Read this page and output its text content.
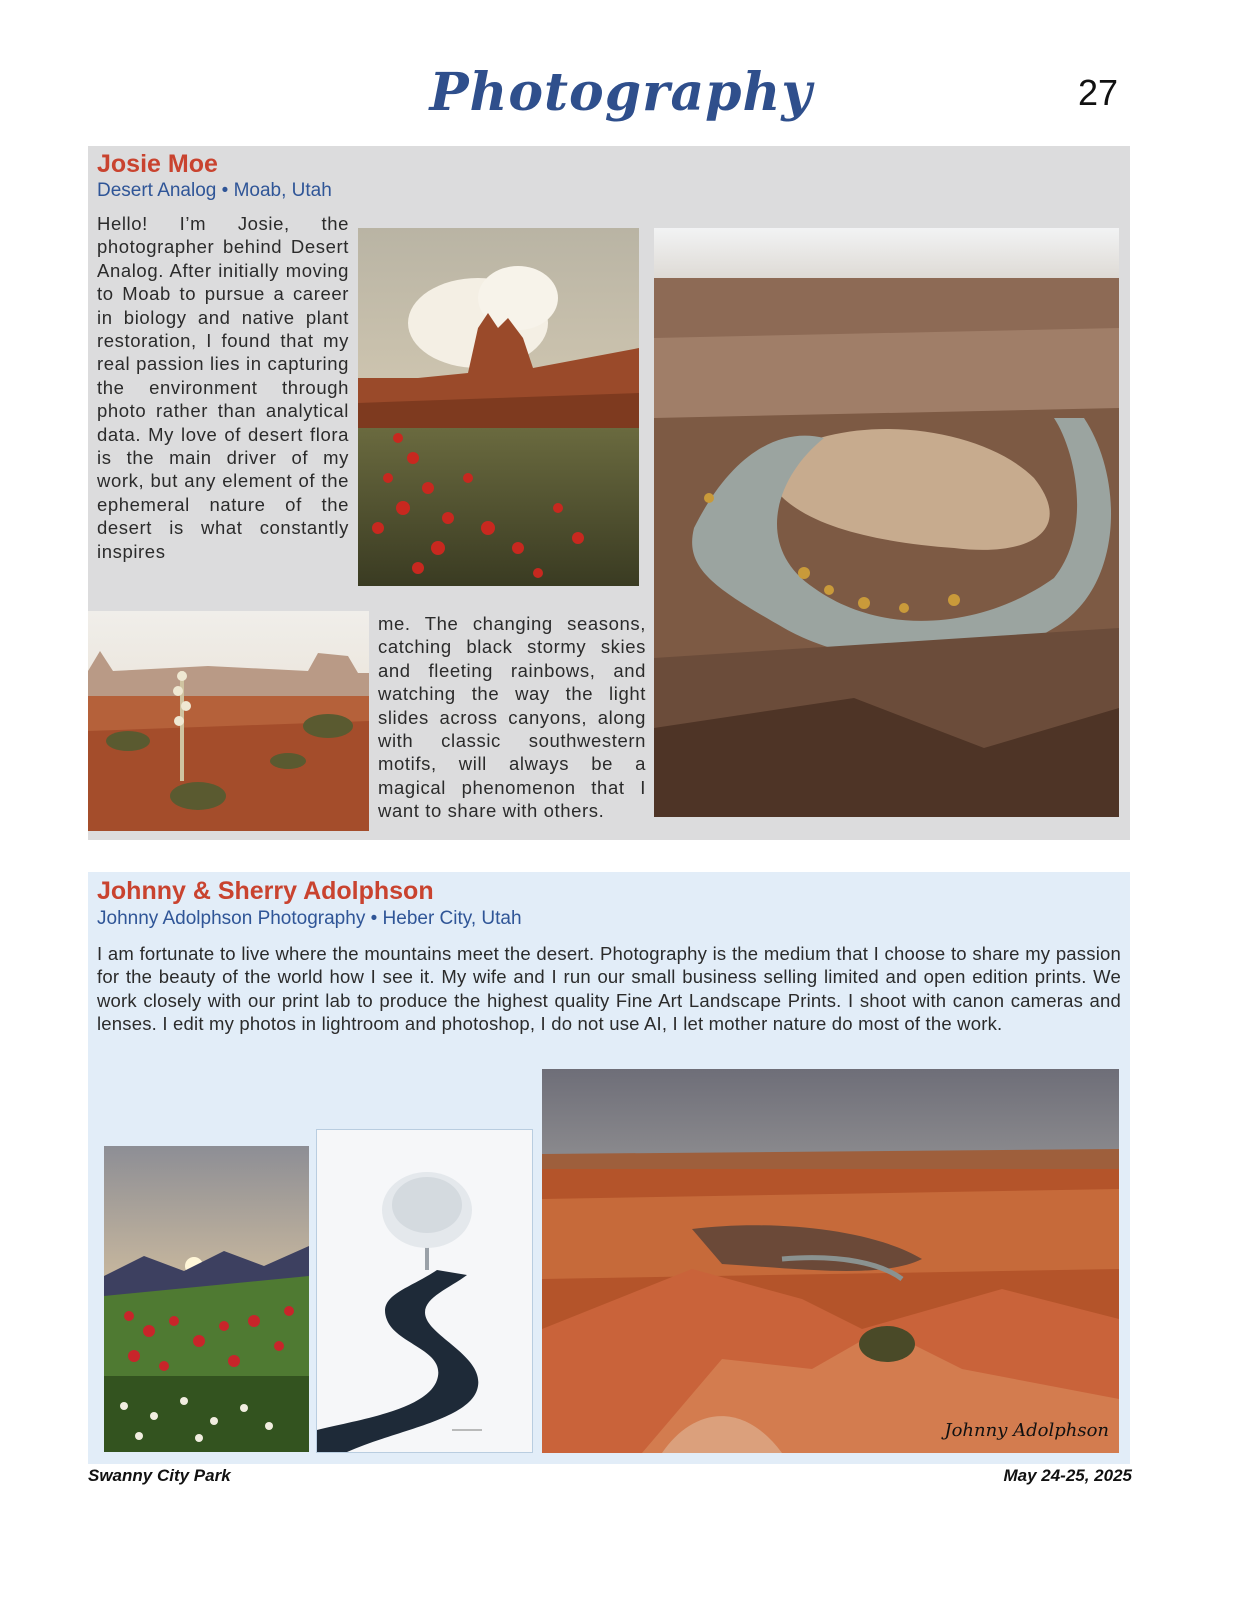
Photography	27
Josie Moe
Desert Analog • Moab, Utah
Hello! I’m Josie, the photographer behind Desert Analog. After initially moving to Moab to pursue a career in biology and native plant restoration, I found that my real passion lies in capturing the environment through photo rather than analytical data. My love of desert flora is the main driver of my work, but any element of the ephemeral nature of the desert is what constantly inspires
me. The changing seasons, catching black stormy skies and fleeting rainbows, and watching the way the light slides across canyons, along with classic southwestern motifs, will always be a magical phenomenon that I want to share with others.
Johnny & Sherry Adolphson
Johnny Adolphson Photography • Heber City, Utah
I am fortunate to live where the mountains meet the desert. Photography is the medium that I choose to share my passion for the beauty of the world how I see it. My wife and I run our small business selling limited and open edition prints. We work closely with our print lab to produce the highest quality Fine Art Landscape Prints. I shoot with canon cameras and lenses. I edit my photos in lightroom and photoshop, I do not use AI, I let mother nature do most of the work.
Johnny Adolphson
Swanny City Park	May 24-25, 2025
